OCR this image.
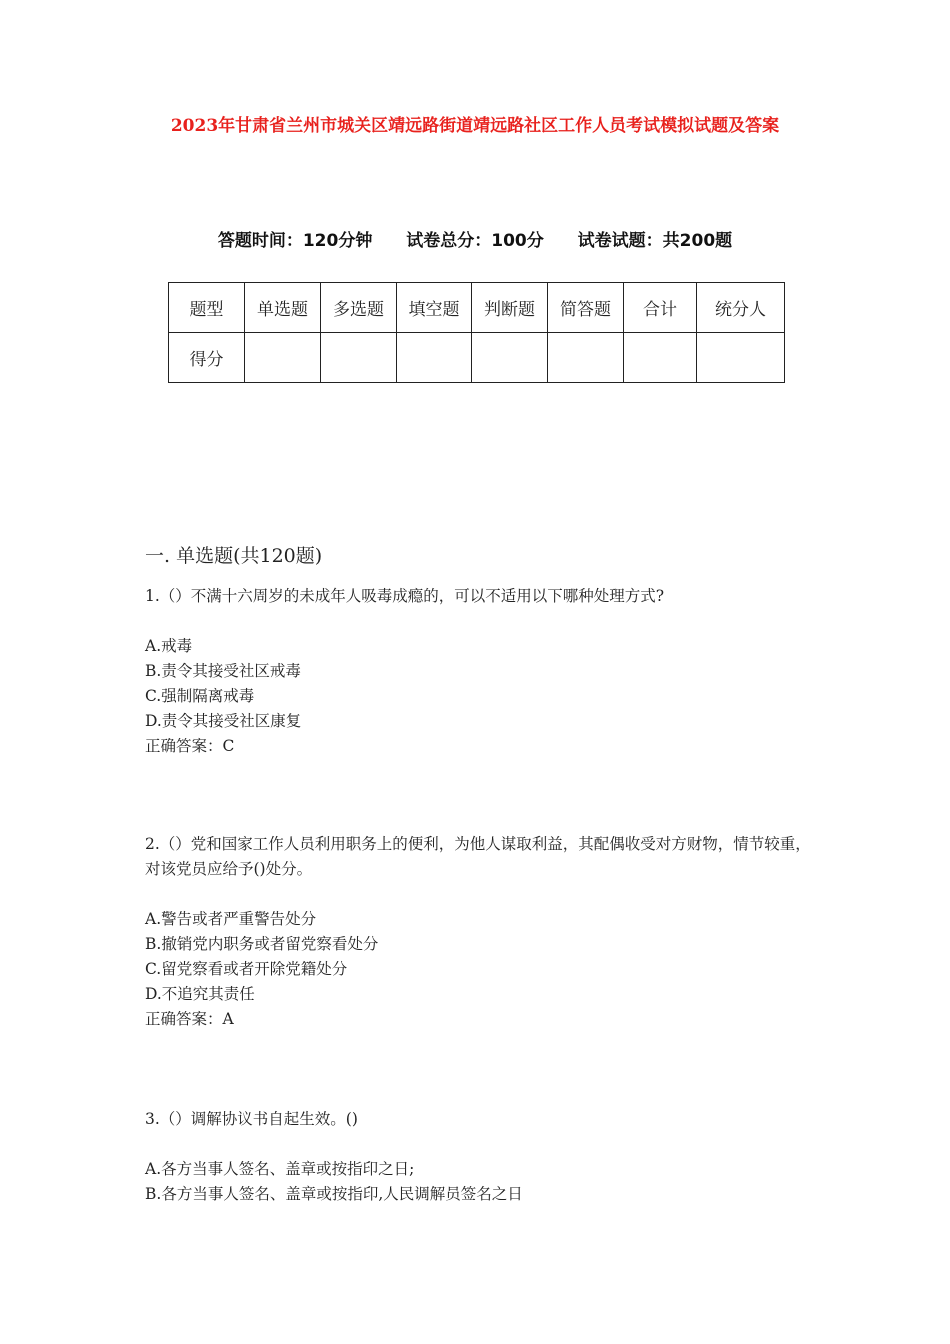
2023年甘肃省兰州市城关区靖远路街道靖远路社区工作人员考试模拟试题及答案
答题时间：120分钟 试卷总分：100分 试卷试题：共200题
题型	单选题	多选题	填空题	判断题	简答题	合计	统分人
得分							
一. 单选题(共120题)
1.（）不满十六周岁的未成年人吸毒成瘾的，可以不适用以下哪种处理方式?
A.戒毒
B.责令其接受社区戒毒
C.强制隔离戒毒
D.责令其接受社区康复
正确答案：C
2.（）党和国家工作人员利用职务上的便利，为他人谋取利益，其配偶收受对方财物，情节较重，对该党员应给予()处分。
A.警告或者严重警告处分
B.撤销党内职务或者留党察看处分
C.留党察看或者开除党籍处分
D.不追究其责任
正确答案：A
3.（）调解协议书自起生效。()
A.各方当事人签名、盖章或按指印之日;
B.各方当事人签名、盖章或按指印,人民调解员签名之日
